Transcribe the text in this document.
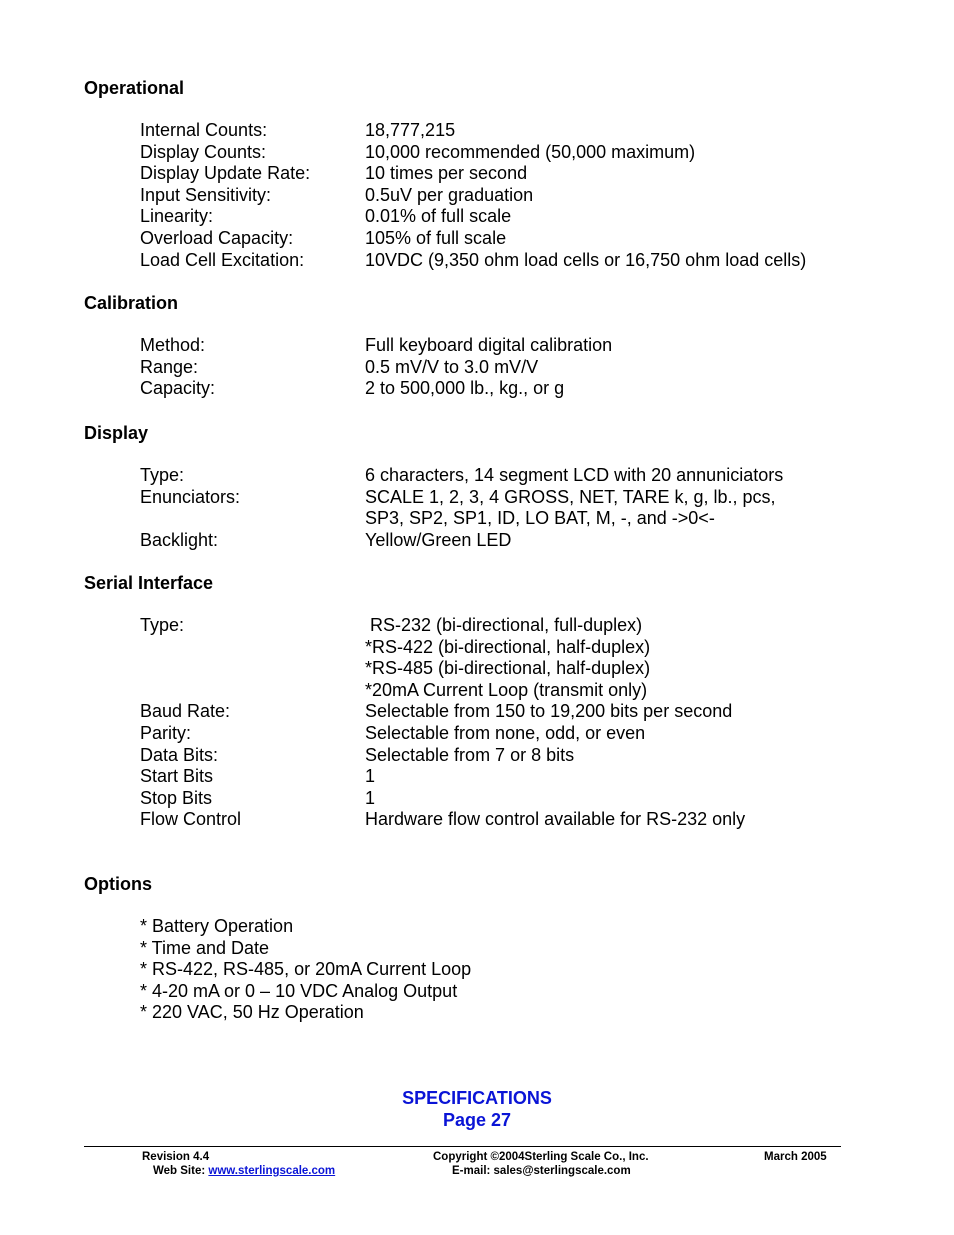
Operational
Internal Counts:	18,777,215
Display Counts:	10,000 recommended (50,000 maximum)
Display Update Rate:	10 times per second
Input Sensitivity:	0.5uV per graduation
Linearity:	0.01% of full scale
Overload Capacity:	105% of full scale
Load Cell Excitation:	10VDC (9,350 ohm load cells or 16,750 ohm load cells)
Calibration
Method:	Full keyboard digital calibration
Range:	0.5 mV/V to 3.0 mV/V
Capacity:	2 to 500,000 lb., kg., or g
Display
Type:	6 characters, 14 segment LCD with 20 annuniciators
Enunciators:	SCALE 1, 2, 3, 4 GROSS, NET, TARE k, g, lb., pcs,
SP3, SP2, SP1, ID, LO BAT, M, -, and ->0<-
Backlight:	Yellow/Green LED
Serial Interface
Type:	RS-232 (bi-directional, full-duplex)
*RS-422 (bi-directional, half-duplex)
*RS-485 (bi-directional, half-duplex)
*20mA Current Loop (transmit only)
Baud Rate:	Selectable from 150 to 19,200 bits per second
Parity:	Selectable from none, odd, or even
Data Bits:	Selectable from 7 or 8 bits
Start Bits	1
Stop Bits	1
Flow Control	Hardware flow control available for RS-232 only
Options
* Battery Operation
* Time and Date
* RS-422, RS-485, or 20mA Current Loop
* 4-20 mA or 0 – 10 VDC Analog Output
* 220 VAC, 50 Hz Operation
SPECIFICATIONS
Page 27
Revision 4.4
Web Site: www.sterlingscale.com
Copyright ©2004Sterling Scale Co., Inc.
E-mail: sales@sterlingscale.com
March 2005
